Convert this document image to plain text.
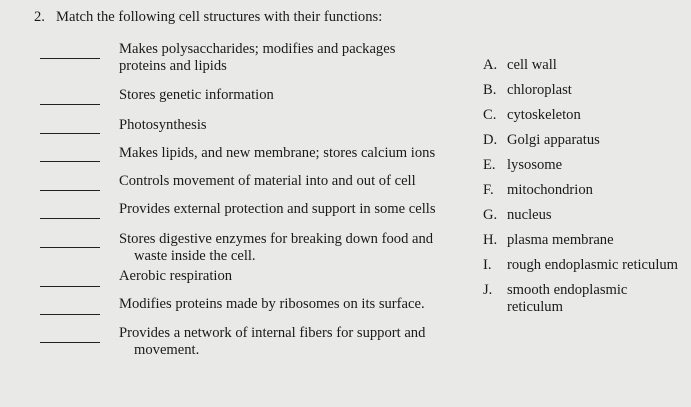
2. Match the following cell structures with their functions:
Makes polysaccharides; modifies and packages
proteins and lipids
Stores genetic information
Photosynthesis
Makes lipids, and new membrane; stores calcium ions
Controls movement of material into and out of cell
Provides external protection and support in some cells
Stores digestive enzymes for breaking down food and
waste inside the cell.
Aerobic respiration
Modifies proteins made by ribosomes on its surface.
Provides a network of internal fibers for support and
movement.
A. cell wall
B. chloroplast
C. cytoskeleton
D. Golgi apparatus
E. lysosome
F. mitochondrion
G. nucleus
H. plasma membrane
I. rough endoplasmic reticulum
J. smooth endoplasmic
reticulum
